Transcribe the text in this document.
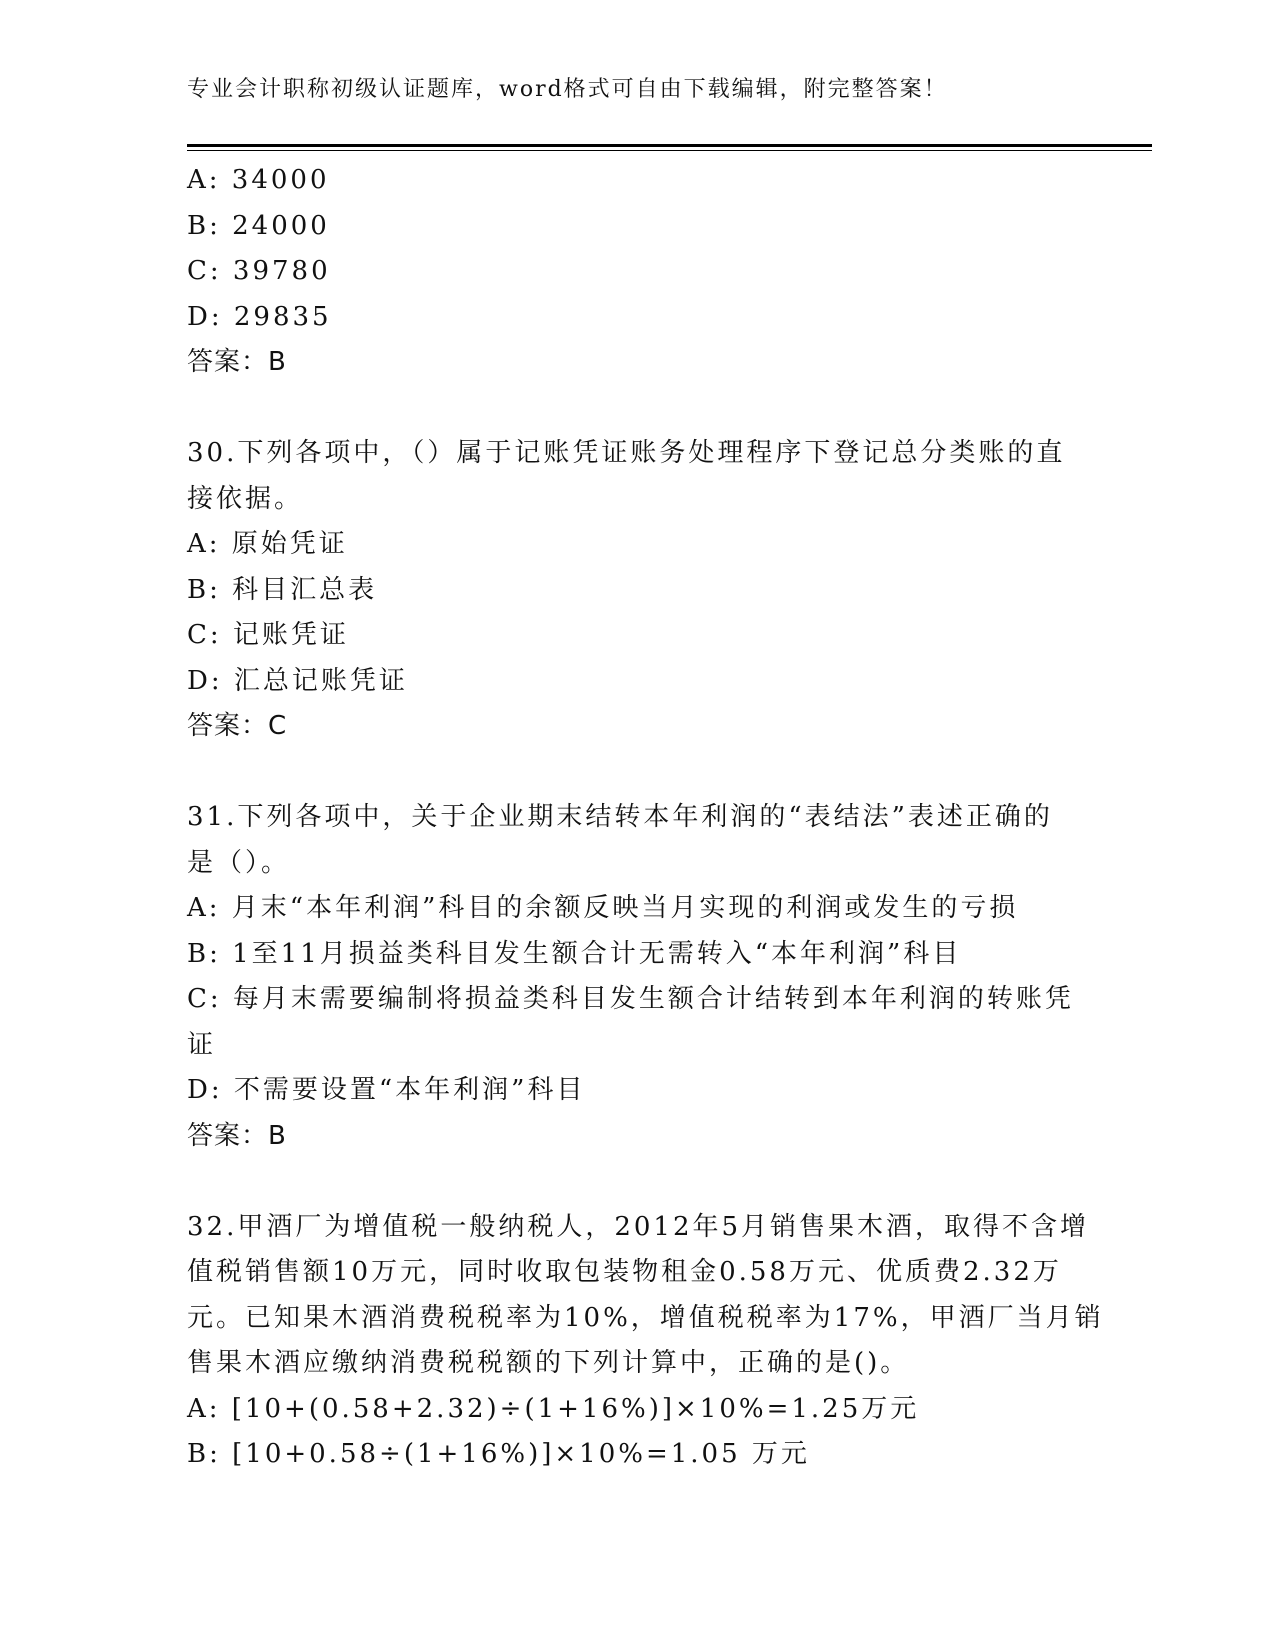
专业会计职称初级认证题库，word格式可自由下载编辑，附完整答案！
A: 34000
B: 24000
C: 39780
D: 29835
答案：B
30.下列各项中，（）属于记账凭证账务处理程序下登记总分类账的直
接依据。
A: 原始凭证
B: 科目汇总表
C: 记账凭证
D: 汇总记账凭证
答案：C
31.下列各项中，关于企业期末结转本年利润的“表结法”表述正确的
是（）。
A: 月末“本年利润”科目的余额反映当月实现的利润或发生的亏损
B: 1至11月损益类科目发生额合计无需转入“本年利润”科目
C: 每月末需要编制将损益类科目发生额合计结转到本年利润的转账凭
证
D: 不需要设置“本年利润”科目
答案：B
32.甲酒厂为增值税一般纳税人，2012年5月销售果木酒，取得不含增
值税销售额10万元，同时收取包装物租金0.58万元、优质费2.32万
元。已知果木酒消费税税率为10%，增值税税率为17%，甲酒厂当月销
售果木酒应缴纳消费税税额的下列计算中，正确的是()。
A: [10+(0.58+2.32)÷(1+16%)]×10%=1.25万元
B: [10+0.58÷(1+16%)]×10%=1.05 万元
